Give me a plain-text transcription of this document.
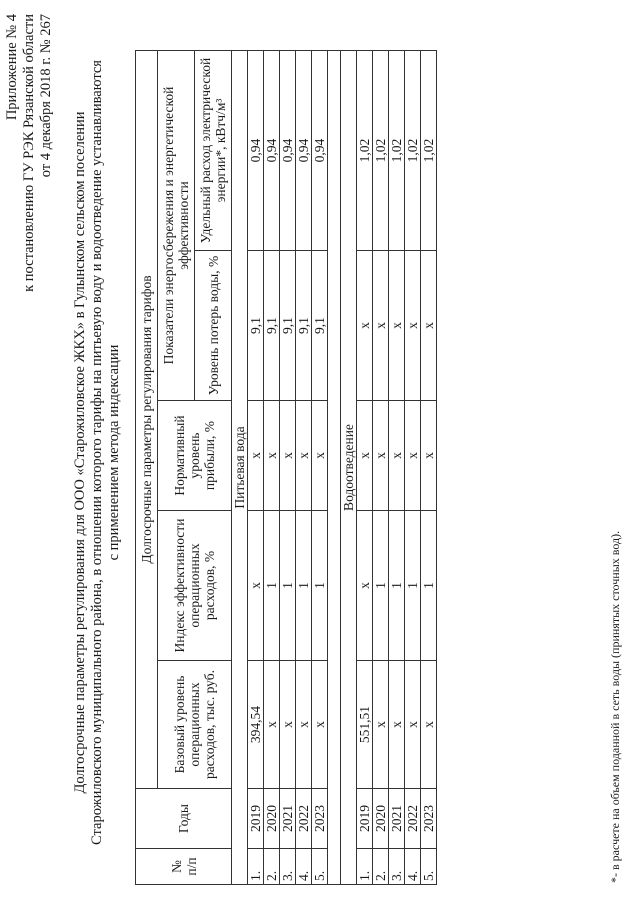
Приложение № 4 к постановлению ГУ РЭК Рязанской области от 4 декабря 2018 г. № 267
Долгосрочные параметры регулирования для ООО «Старожиловское ЖКХ» в Гулынском сельском поселении Старожиловского муниципального района, в отношении которого тарифы на питьевую воду и водоотведение устанавливаются с применением метода индексации
№ п/п	Годы	Долгосрочные параметры регулирования тарифов				
		Базовый уровень операционных расходов, тыс. руб.	Индекс эффективности операционных расходов, %	Нормативный уровень прибыли, %	Показатели энергосбережения и энергетической эффективности	
					Уровень потерь воды, %	Удельный расход электрической энергии*, кВтч/м³
Питьевая вода						
1.	2019	394,54	х	х	9,1	0,94
2.	2020	х	1	х	9,1	0,94
3.	2021	х	1	х	9,1	0,94
4.	2022	х	1	х	9,1	0,94
5.	2023	х	1	х	9,1	0,94

Водоотведение						
1.	2019	551,51	х	х	х	1,02
2.	2020	х	1	х	х	1,02
3.	2021	х	1	х	х	1,02
4.	2022	х	1	х	х	1,02
5.	2023	х	1	х	х	1,02
*- в расчете на объем поданной в сеть воды (принятых сточных вод).
